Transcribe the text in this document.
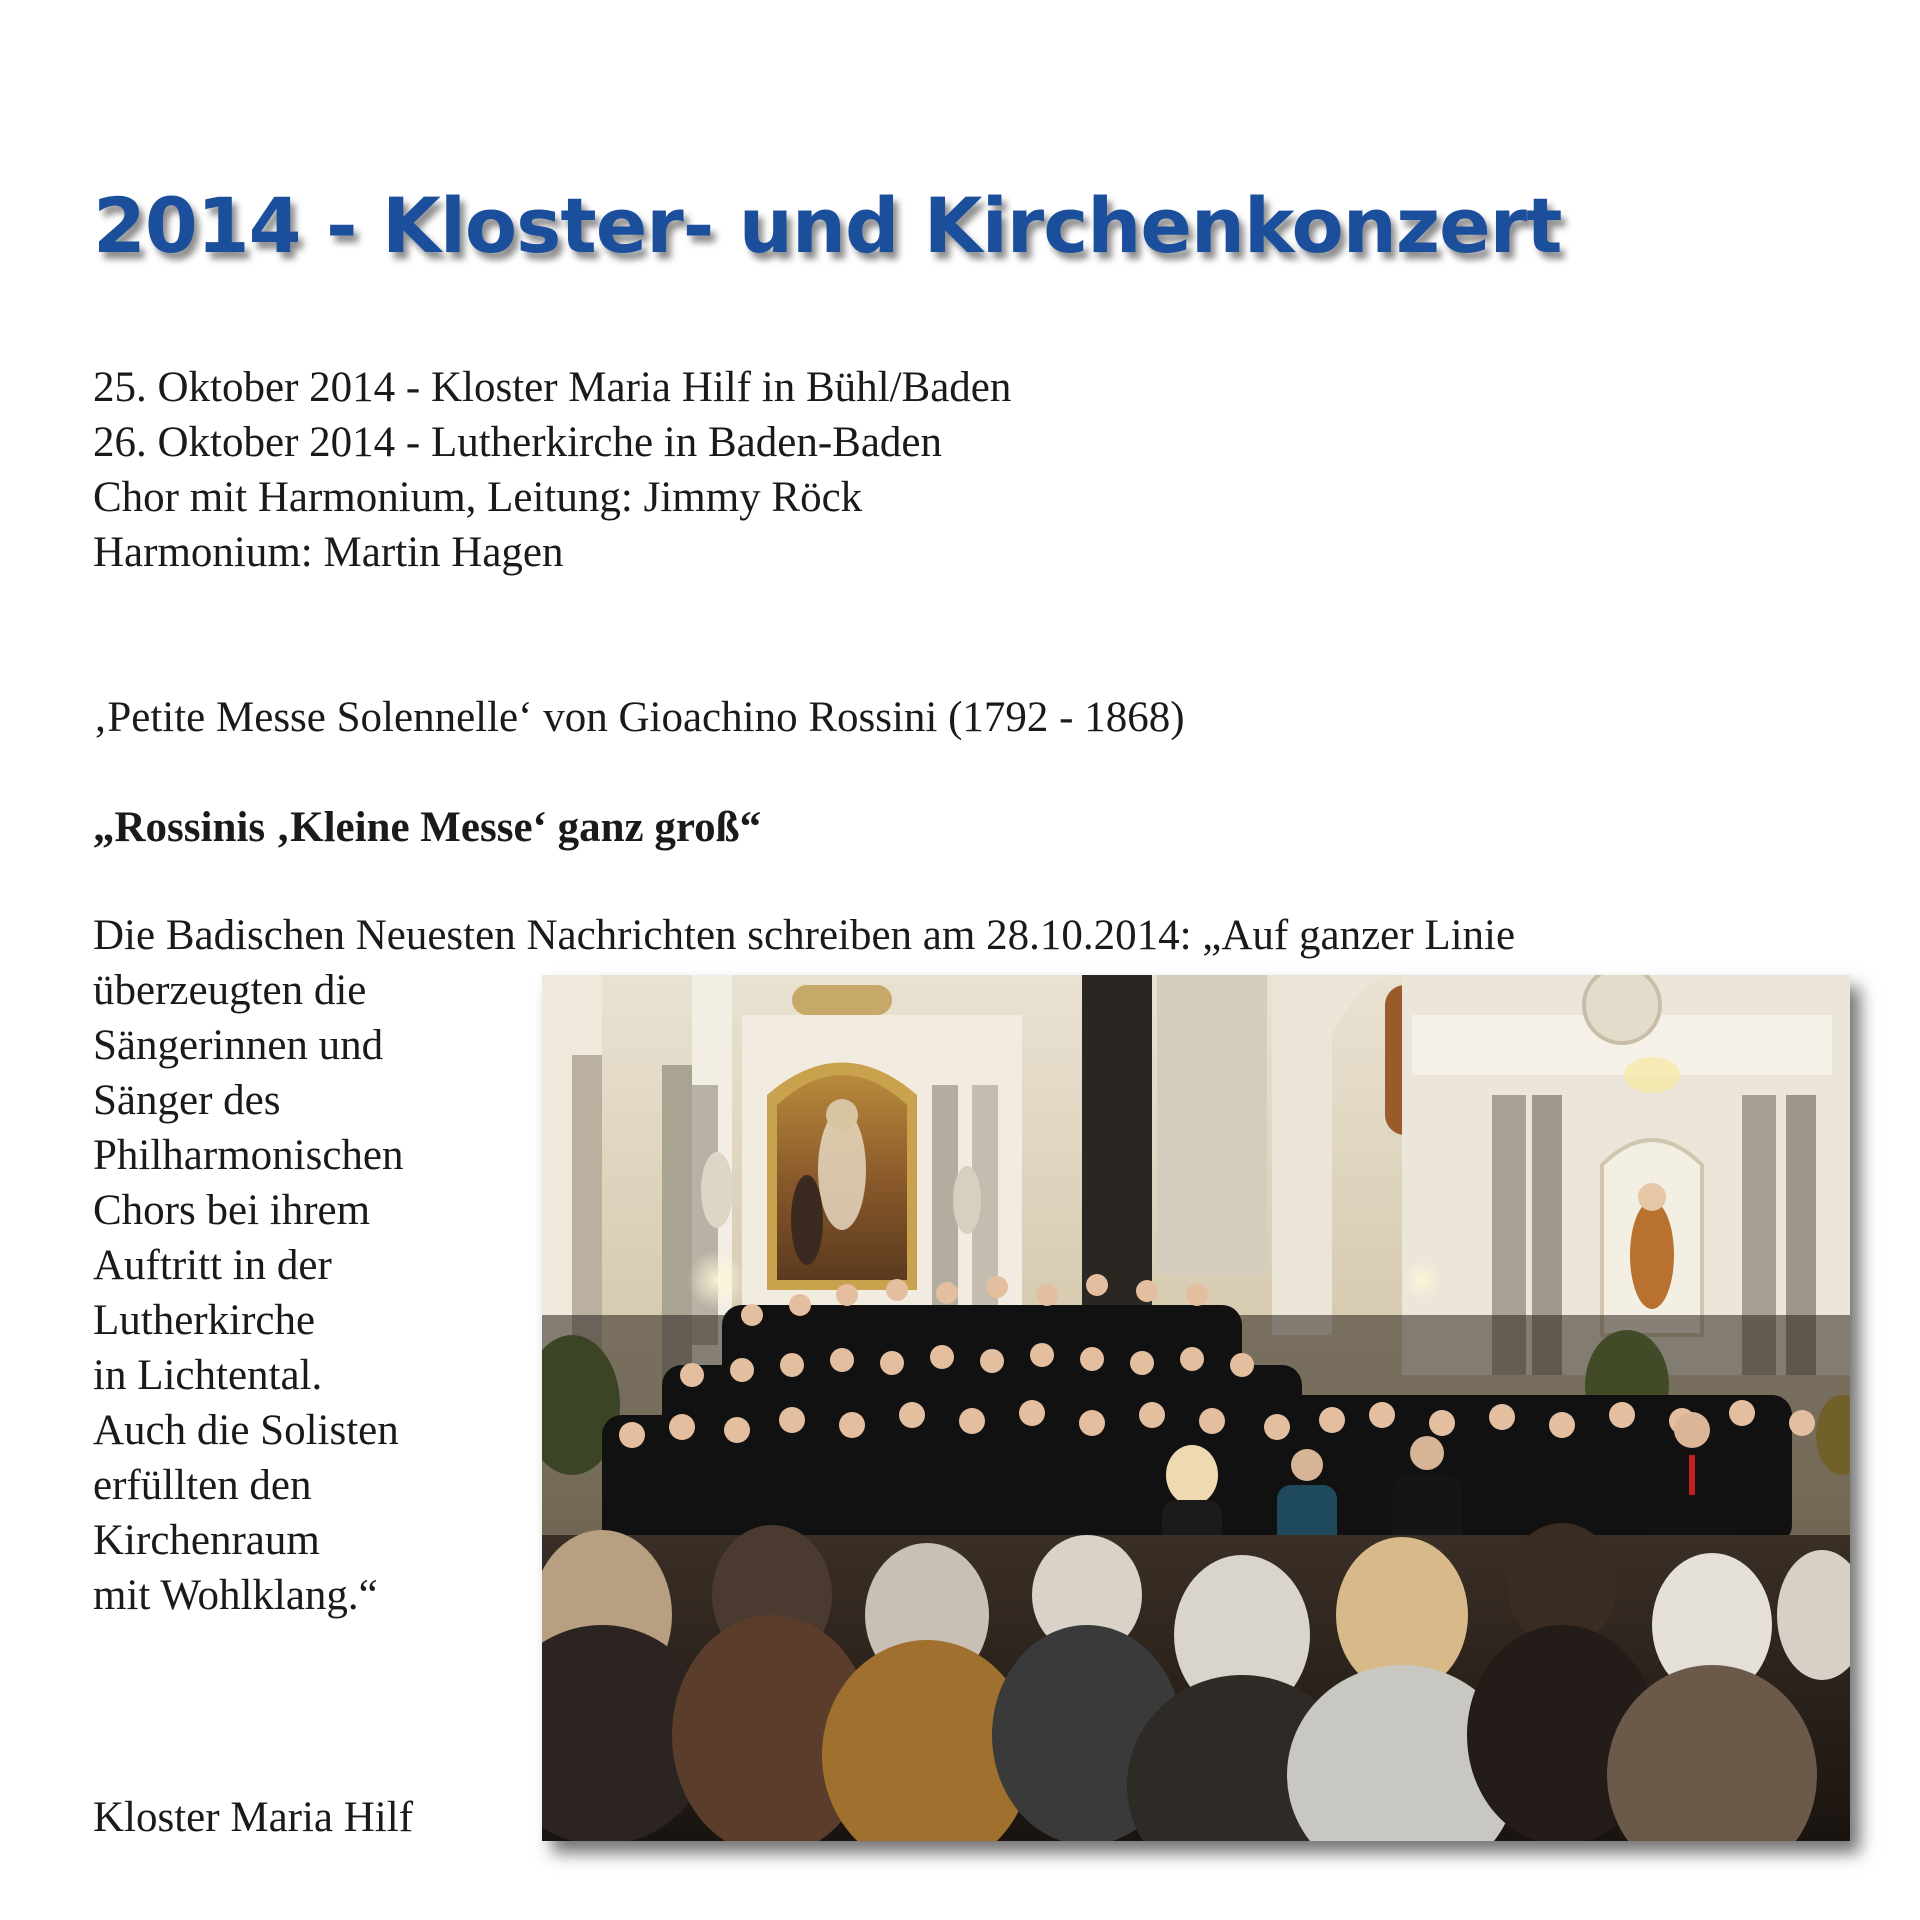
2014 - Kloster- und Kirchenkonzert
25. Oktober 2014 - Kloster Maria Hilf in Bühl/Baden
26. Oktober 2014 - Lutherkirche in Baden-Baden
Chor mit Harmonium, Leitung: Jimmy Röck
Harmonium: Martin Hagen
‚Petite Messe Solennelle‘ von Gioachino Rossini (1792 - 1868)
„Rossinis ‚Kleine Messe‘ ganz groß“
Die Badischen Neuesten Nachrichten schreiben am 28.10.2014: „Auf ganzer Linie
überzeugten die
Sängerinnen und
Sänger des
Philharmonischen
Chors bei ihrem
Auftritt in der
Lutherkirche
in Lichtental.
Auch die Solisten
erfüllten den
Kirchenraum
mit Wohlklang.“
Kloster Maria Hilf
